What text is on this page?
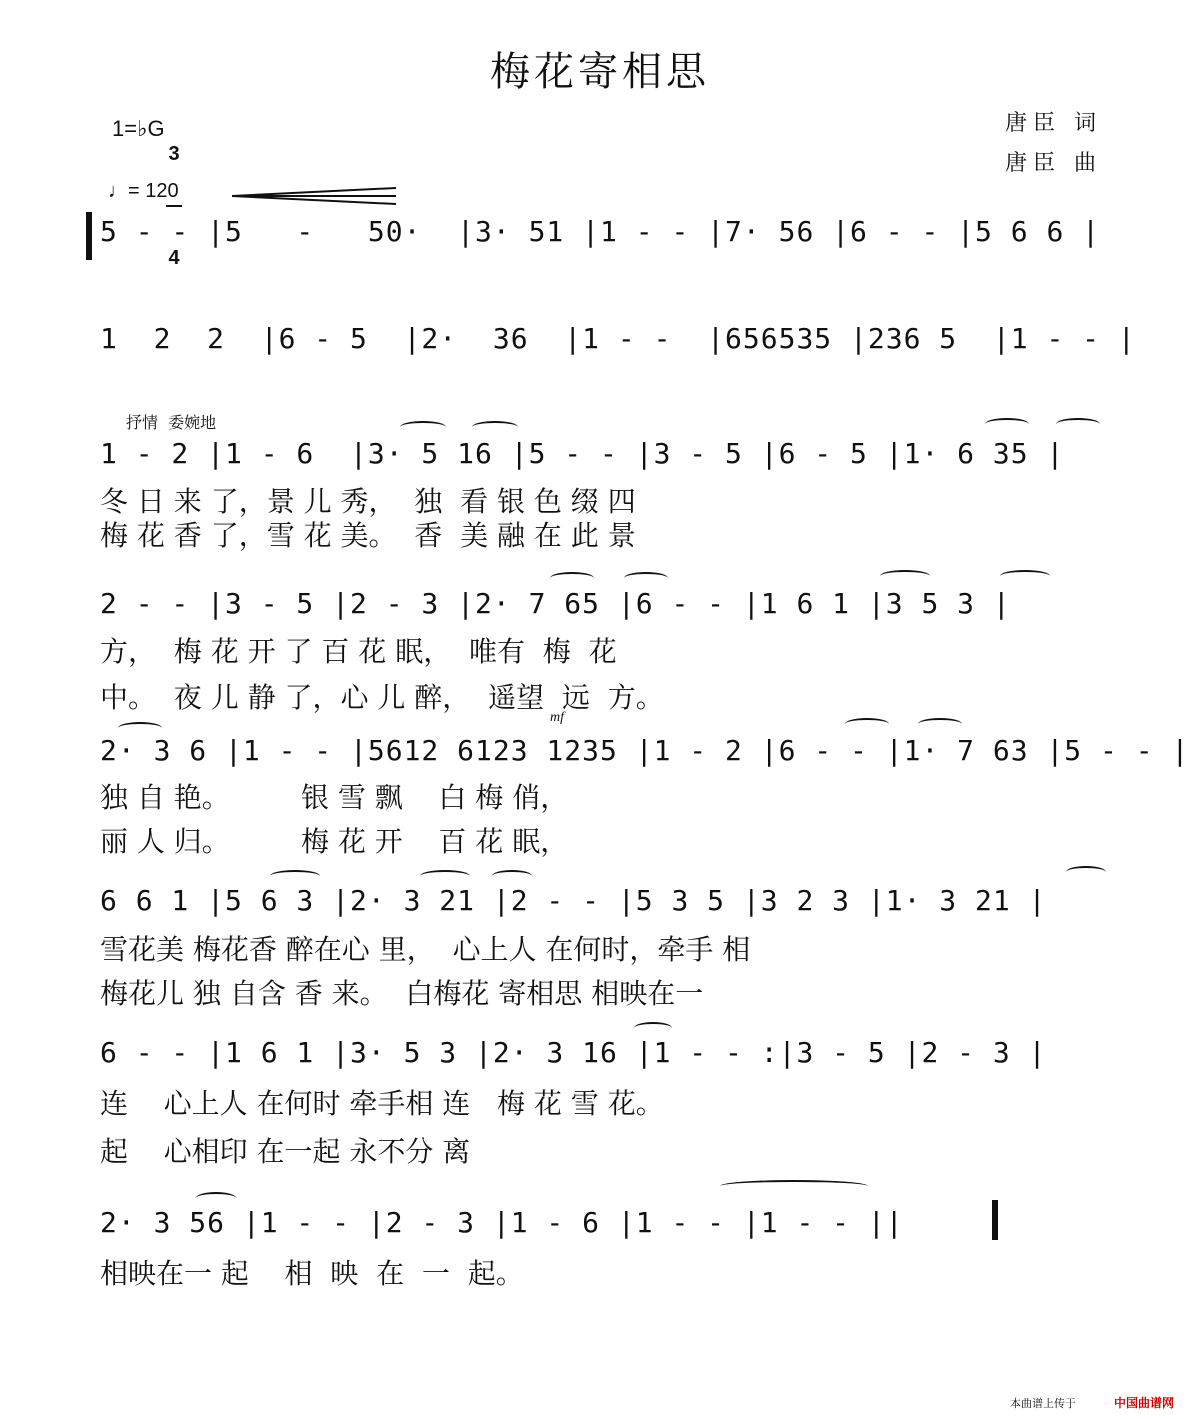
梅花寄相思
唐臣 词
唐臣 曲
1=♭G

3

4

♩= 120
5 - - |5   -   50·  |3· 51 |1 - - |7· 56 |6 - - |5 6 6 |
1  2  2  |6 - 5  |2·  36  |1 - -  |656535 |236 5  |1 - - |
抒情  委婉地
1 - 2 |1 - 6  |3· 5 16 |5 - - |3 - 5 |6 - 5 |1· 6 35 |
冬 日 来 了，景 儿 秀，  独  看 银 色 缀 四
梅 花 香 了，雪 花 美。  香  美 融 在 此 景
2 - - |3 - 5 |2 - 3 |2· 7 65 |6 - - |1 6 1 |3 5 3 |
方，  梅 花 开 了 百 花 眠，  唯有  梅  花
中。  夜 儿 静 了，心 儿 醉，  遥望  远  方。
mf
2· 3 6 |1 - - |5612 6123 1235 |1 - 2 |6 - - |1· 7 63 |5 - - |
独 自 艳。        银 雪 飘    白 梅 俏，
丽 人 归。        梅 花 开    百 花 眠，
6 6 1 |5 6 3 |2· 3 21 |2 - - |5 3 5 |3 2 3 |1· 3 21 |
雪花美 梅花香 醉在心 里，  心上人 在何时，牵手 相
梅花儿 独 自含 香 来。  白梅花 寄相思 相映在一
6 - - |1 6 1 |3· 5 3 |2· 3 16 |1 - - :|3 - 5 |2 - 3 |
连    心上人 在何时 牵手相 连   梅 花 雪 花。
起    心相印 在一起 永不分 离
2· 3 56 |1 - - |2 - 3 |1 - 6 |1 - - |1 - - ||
相映在一 起    相  映  在  一  起。
本曲谱上传于	中国曲谱网
